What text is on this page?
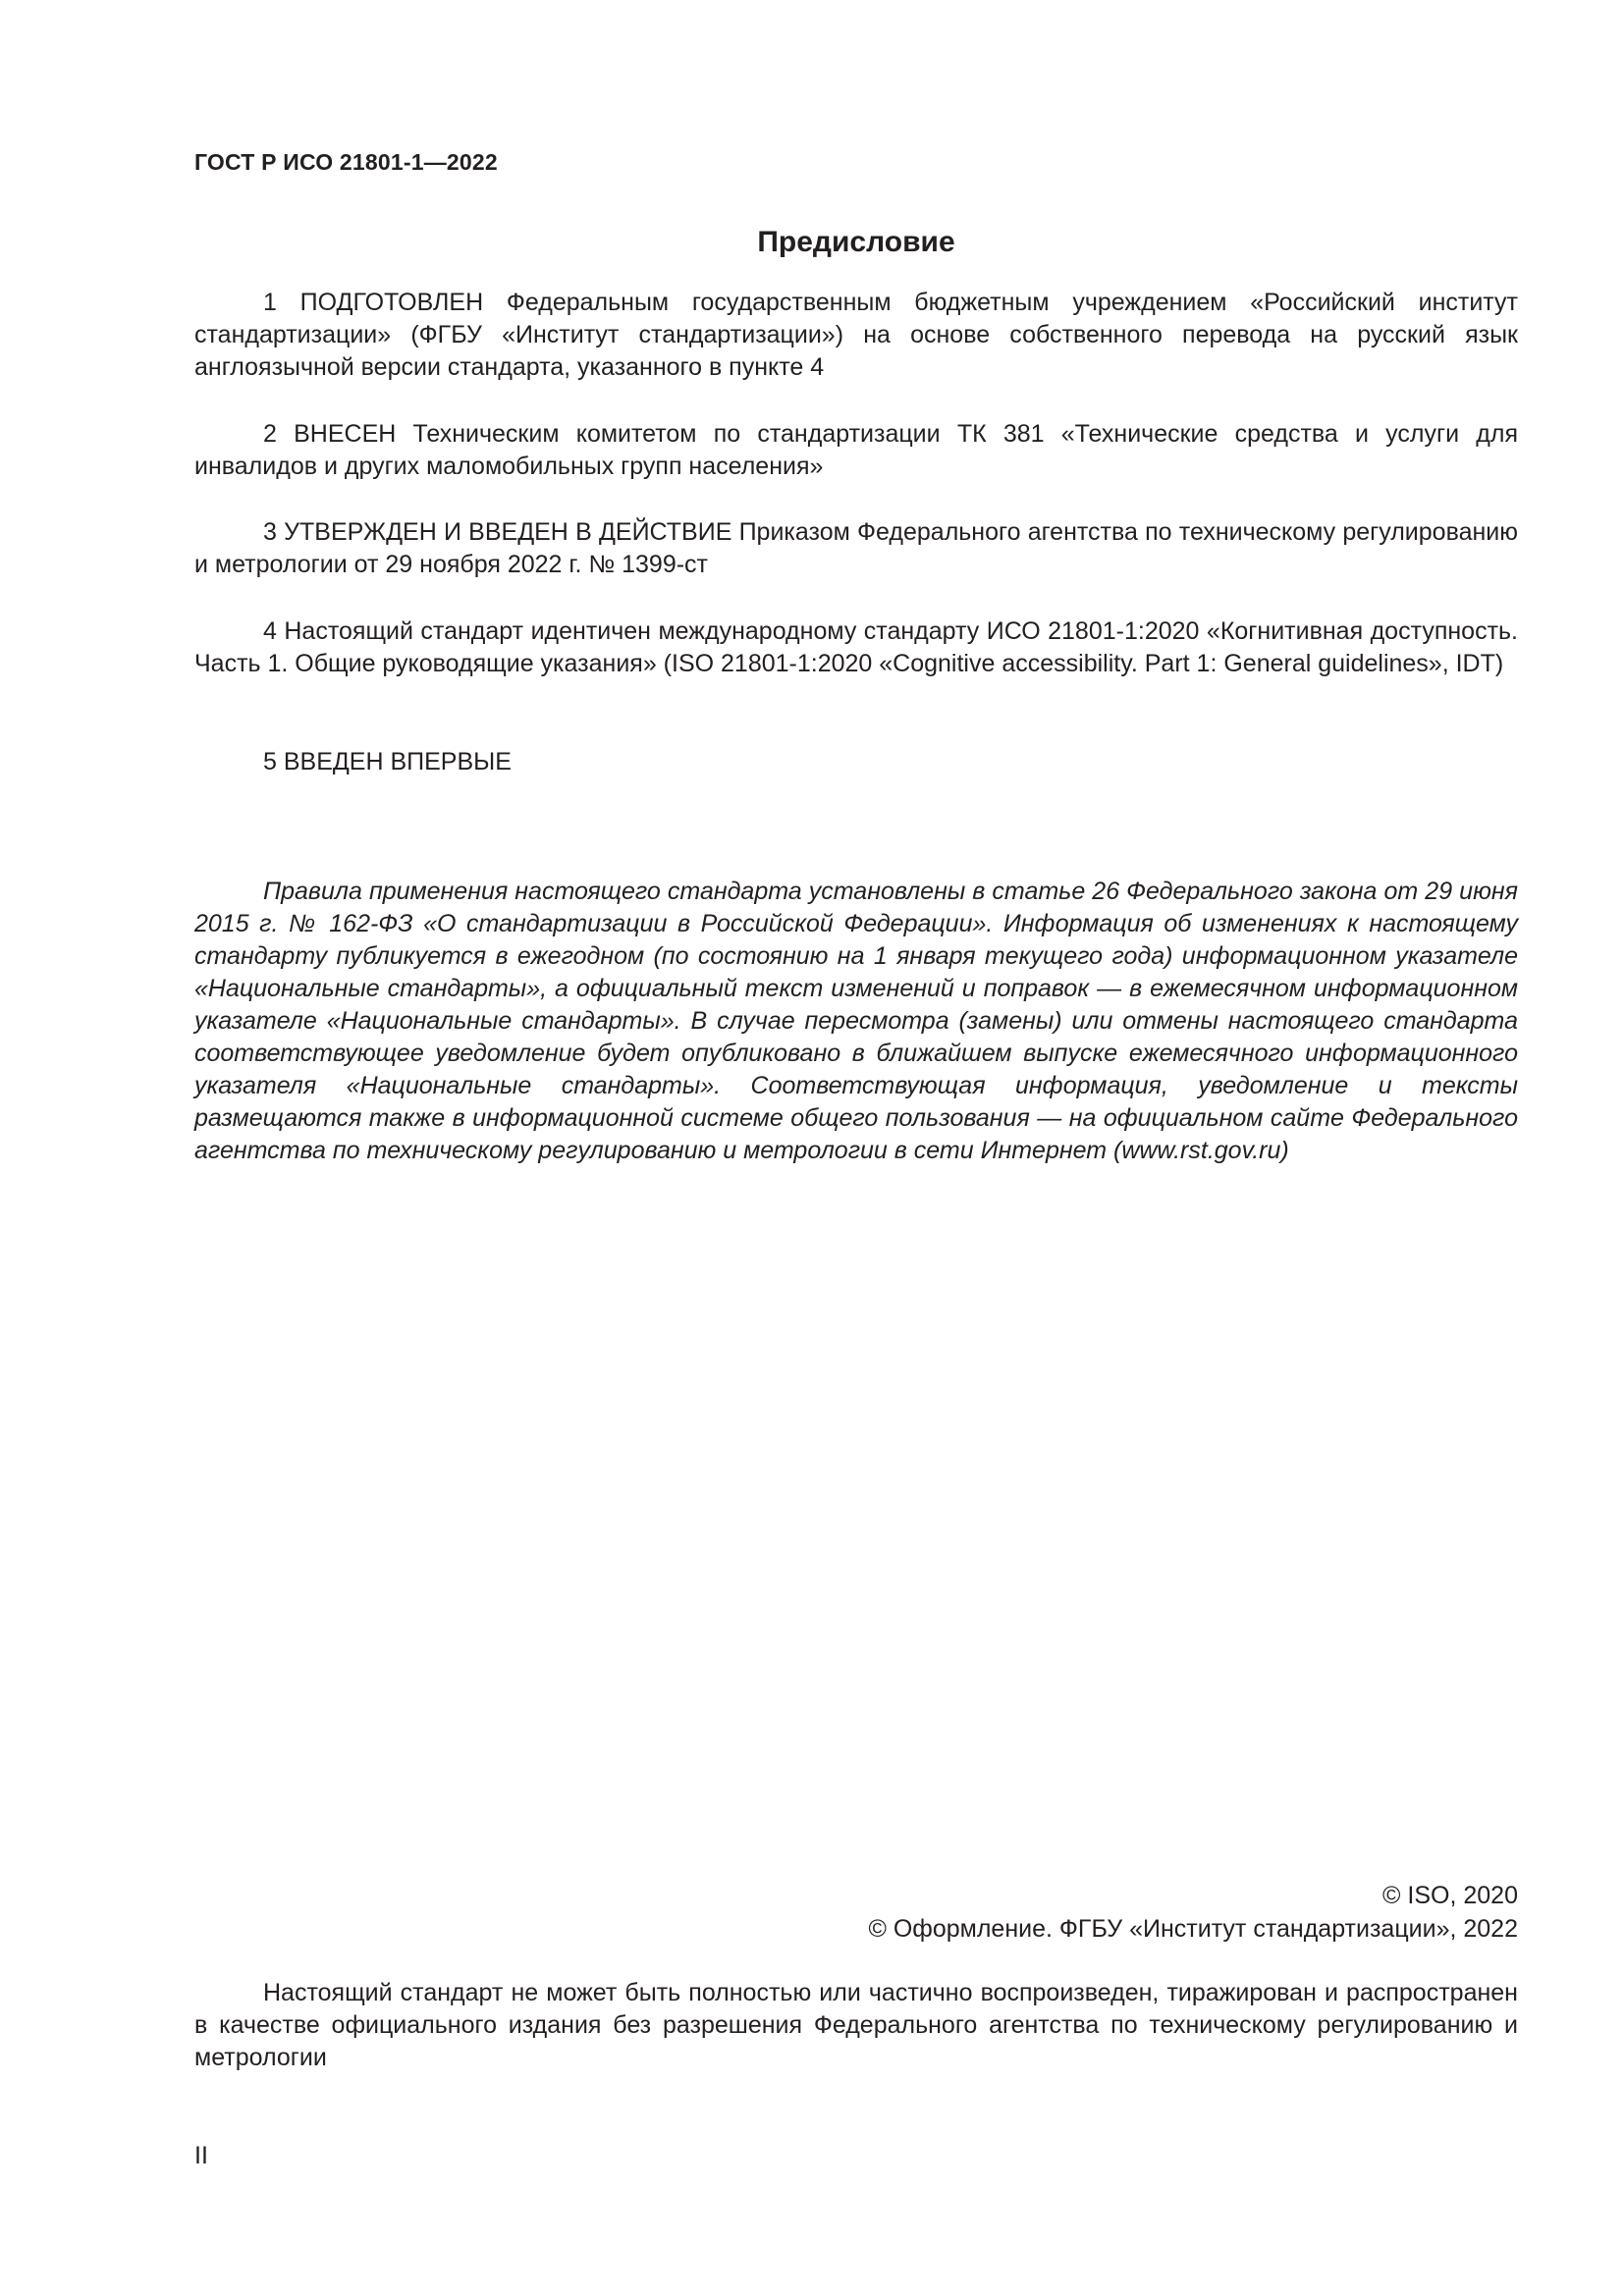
ГОСТ Р ИСО 21801-1—2022
Предисловие

1 ПОДГОТОВЛЕН Федеральным государственным бюджетным учреждением «Российский институт стандартизации» (ФГБУ «Институт стандартизации») на основе собственного перевода на русский язык англоязычной версии стандарта, указанного в пункте 4

2 ВНЕСЕН Техническим комитетом по стандартизации ТК 381 «Технические средства и услуги для инвалидов и других маломобильных групп населения»

3 УТВЕРЖДЕН И ВВЕДЕН В ДЕЙСТВИЕ Приказом Федерального агентства по техническому регулированию и метрологии от 29 ноября 2022 г. № 1399-ст

4 Настоящий стандарт идентичен международному стандарту ИСО 21801-1:2020 «Когнитивная доступность. Часть 1. Общие руководящие указания» (ISO 21801-1:2020 «Cognitive accessibility. Part 1: General guidelines», IDT)

5 ВВЕДЕН ВПЕРВЫЕ

Правила применения настоящего стандарта установлены в статье 26 Федерального закона от 29 июня 2015 г. № 162-ФЗ «О стандартизации в Российской Федерации». Информация об изменениях к настоящему стандарту публикуется в ежегодном (по состоянию на 1 января текущего года) информационном указателе «Национальные стандарты», а официальный текст изменений и поправок — в ежемесячном информационном указателе «Национальные стандарты». В случае пересмотра (замены) или отмены настоящего стандарта соответствующее уведомление будет опубликовано в ближайшем выпуске ежемесячного информационного указателя «Национальные стандарты». Соответствующая информация, уведомление и тексты размещаются также в информационной системе общего пользования — на официальном сайте Федерального агентства по техническому регулированию и метрологии в сети Интернет (www.rst.gov.ru)

© ISO, 2020
© Оформление. ФГБУ «Институт стандартизации», 2022

Настоящий стандарт не может быть полностью или частично воспроизведен, тиражирован и распространен в качестве официального издания без разрешения Федерального агентства по техническому регулированию и метрологии

II
